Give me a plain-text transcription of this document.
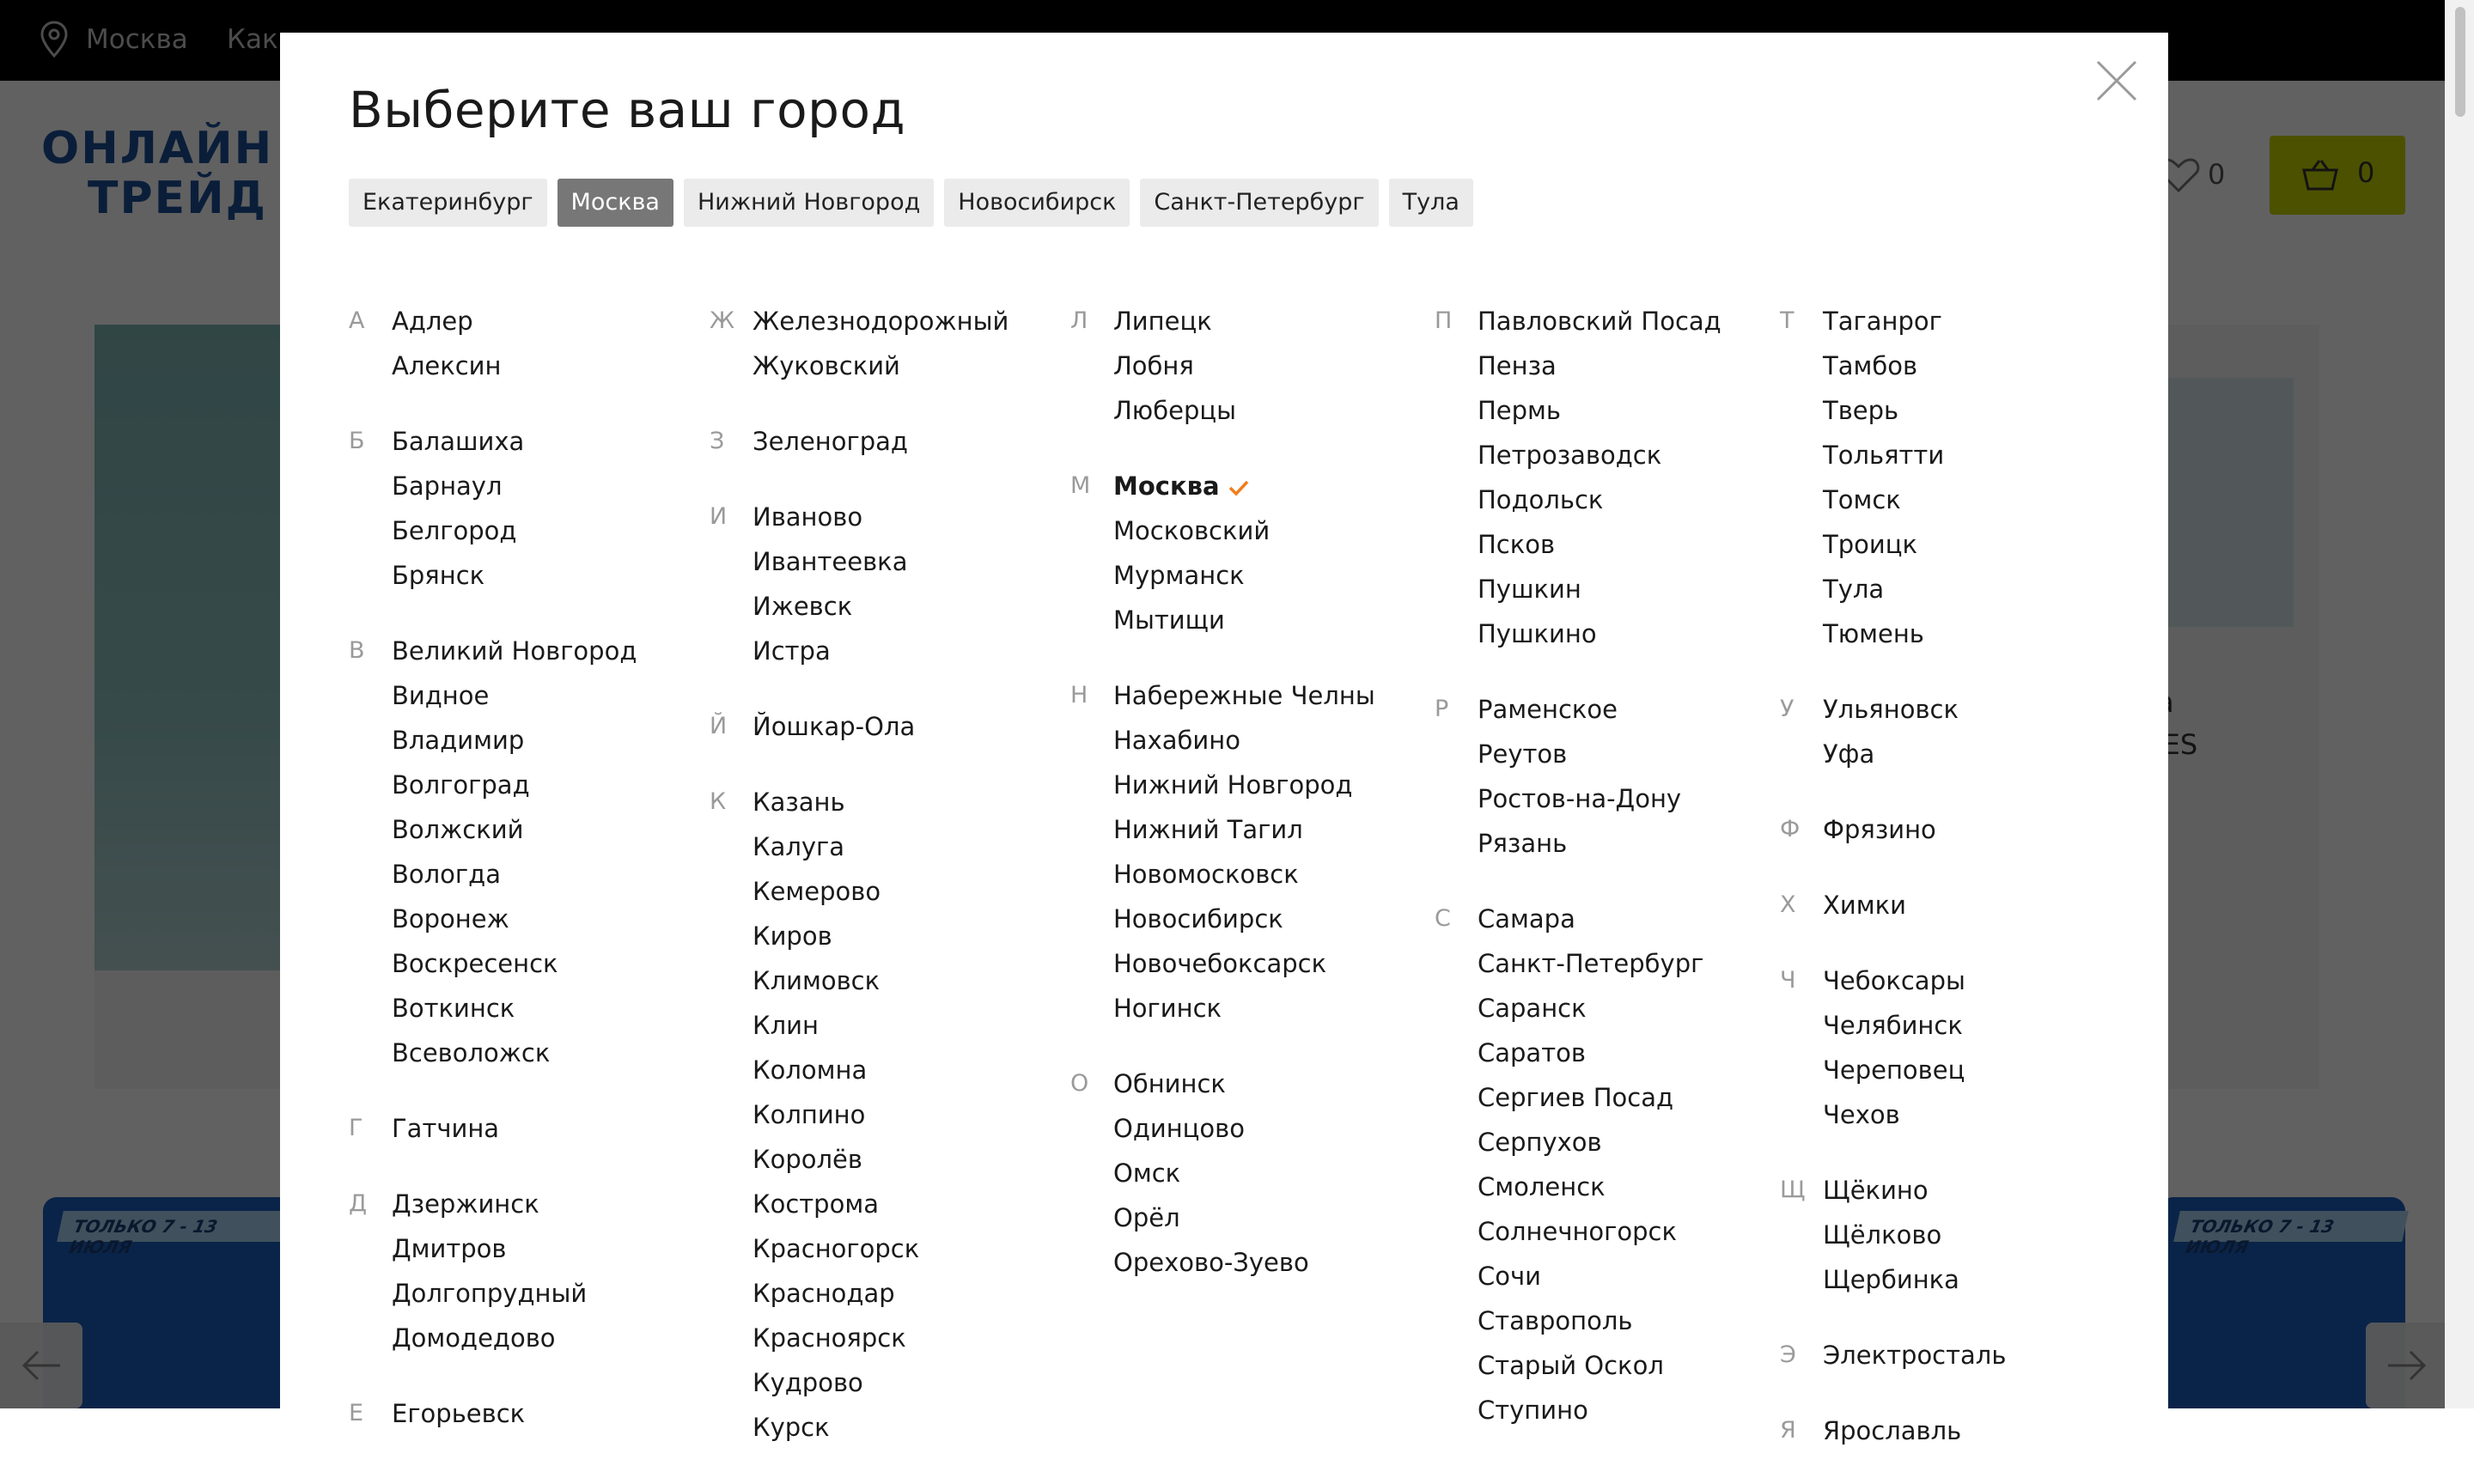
Выберите ваш город
Екатеринбург	Москва	Нижний Новгород	Новосибирск	Санкт-Петербург	Тула
А Адлер
Алексин
Б Балашиха
Барнаул
Белгород
Брянск
В Великий Новгород
Видное
Владимир
Волгоград
Волжский
Вологда
Воронеж
Воскресенск
Воткинск
Всеволожск
Г Гатчина
Д Дзержинск
Дмитров
Долгопрудный
Домодедово
Е Егорьевск
Ж Железнодорожный
Жуковский
З Зеленоград
И Иваново
Ивантеевка
Ижевск
Истра
Й Йошкар-Ола
К Казань
Калуга
Кемерово
Киров
Климовск
Клин
Коломна
Колпино
Королёв
Кострома
Красногорск
Краснодар
Красноярск
Кудрово
Курск
Л Липецк
Лобня
Люберцы
М Москва
Московский
Мурманск
Мытищи
Н Набережные Челны
Нахабино
Нижний Новгород
Нижний Тагил
Новомосковск
Новосибирск
Новочебоксарск
Ногинск
О Обнинск
Одинцово
Омск
Орёл
Орехово-Зуево
П Павловский Посад
Пенза
Пермь
Петрозаводск
Подольск
Псков
Пушкин
Пушкино
Р Раменское
Реутов
Ростов-на-Дону
Рязань
С Самара
Санкт-Петербург
Саранск
Саратов
Сергиев Посад
Серпухов
Смоленск
Солнечногорск
Сочи
Ставрополь
Старый Оскол
Ступино
Т Таганрог
Тамбов
Тверь
Тольятти
Томск
Троицк
Тула
Тюмень
У Ульяновск
Уфа
Ф Фрязино
Х Химки
Ч Чебоксары
Челябинск
Череповец
Чехов
Щ Щёкино
Щёлково
Щербинка
Э Электросталь
Я Ярославль
